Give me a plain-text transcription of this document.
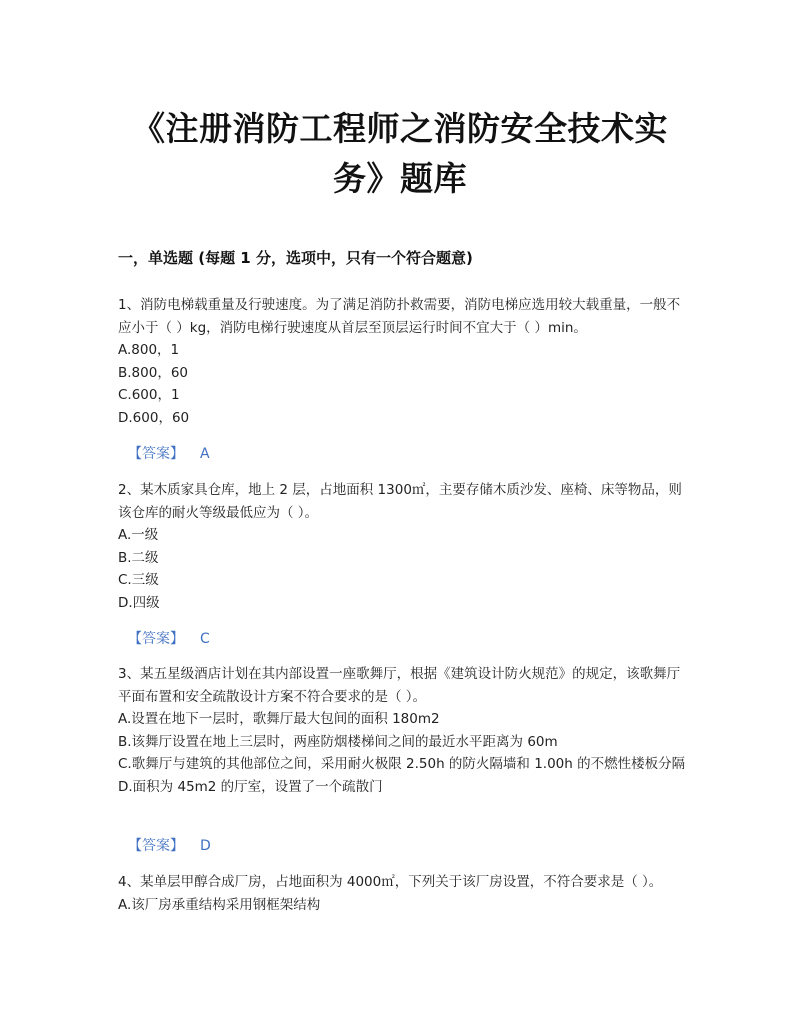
《注册消防工程师之消防安全技术实
务》题库
一，单选题 (每题 1 分，选项中，只有一个符合题意)

1、消防电梯载重量及行驶速度。为了满足消防扑救需要，消防电梯应选用较大载重量，一般不应小于（ ）kg，消防电梯行驶速度从首层至顶层运行时间不宜大于（ ）min。

A.800，1
B.800，60
C.600，1
D.600，60
【答案】 A

2、某木质家具仓库，地上 2 层，占地面积 1300㎡，主要存储木质沙发、座椅、床等物品，则该仓库的耐火等级最低应为（ ）。

A.一级
B.二级
C.三级
D.四级
【答案】 C

3、某五星级酒店计划在其内部设置一座歌舞厅，根据《建筑设计防火规范》的规定，该歌舞厅平面布置和安全疏散设计方案不符合要求的是（ ）。

A.设置在地下一层时，歌舞厅最大包间的面积 180m2
B.该舞厅设置在地上三层时，两座防烟楼梯间之间的最近水平距离为 60m
C.歌舞厅与建筑的其他部位之间，采用耐火极限 2.50h 的防火隔墙和 1.00h 的不燃性楼板分隔
D.面积为 45m2 的厅室，设置了一个疏散门
【答案】 D

4、某单层甲醇合成厂房，占地面积为 4000㎡，下列关于该厂房设置，不符合要求是（ ）。

A.该厂房承重结构采用钢框架结构
